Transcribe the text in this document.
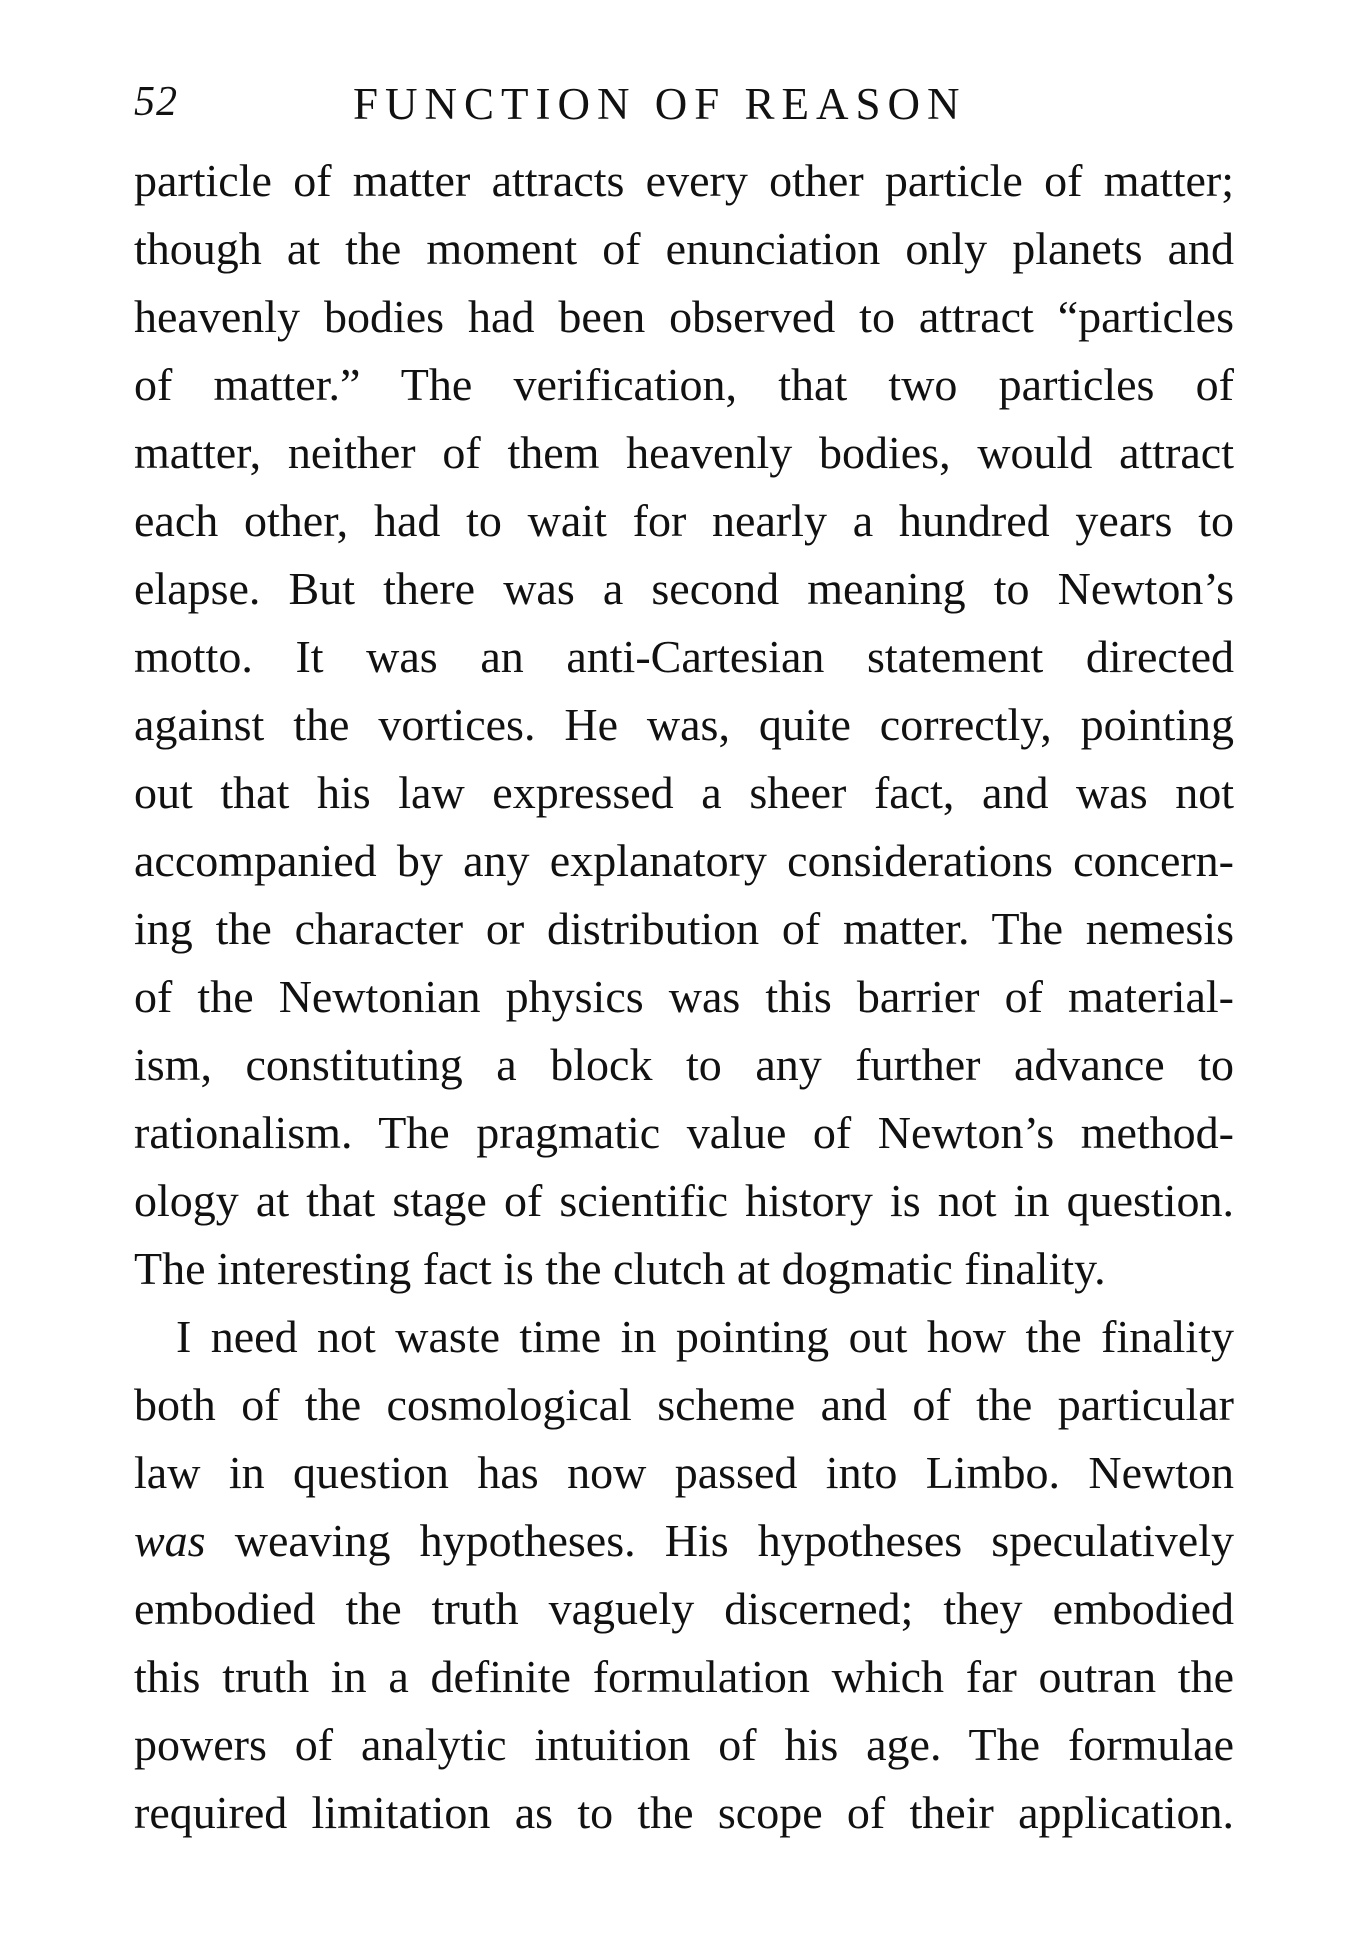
52	FUNCTION OF REASON
particle of matter attracts every other particle of matter;
though at the moment of enunciation only planets and
heavenly bodies had been observed to attract “particles
of matter.” The verification, that two particles of
matter, neither of them heavenly bodies, would attract
each other, had to wait for nearly a hundred years to
elapse. But there was a second meaning to Newton’s
motto. It was an anti-Cartesian statement directed
against the vortices. He was, quite correctly, pointing
out that his law expressed a sheer fact, and was not
accompanied by any explanatory considerations concern-
ing the character or distribution of matter. The nemesis
of the Newtonian physics was this barrier of material-
ism, constituting a block to any further advance to
rationalism. The pragmatic value of Newton’s method-
ology at that stage of scientific history is not in question.
The interesting fact is the clutch at dogmatic finality.
I need not waste time in pointing out how the finality
both of the cosmological scheme and of the particular
law in question has now passed into Limbo. Newton
was weaving hypotheses. His hypotheses speculatively
embodied the truth vaguely discerned; they embodied
this truth in a definite formulation which far outran the
powers of analytic intuition of his age. The formulae
required limitation as to the scope of their application.
